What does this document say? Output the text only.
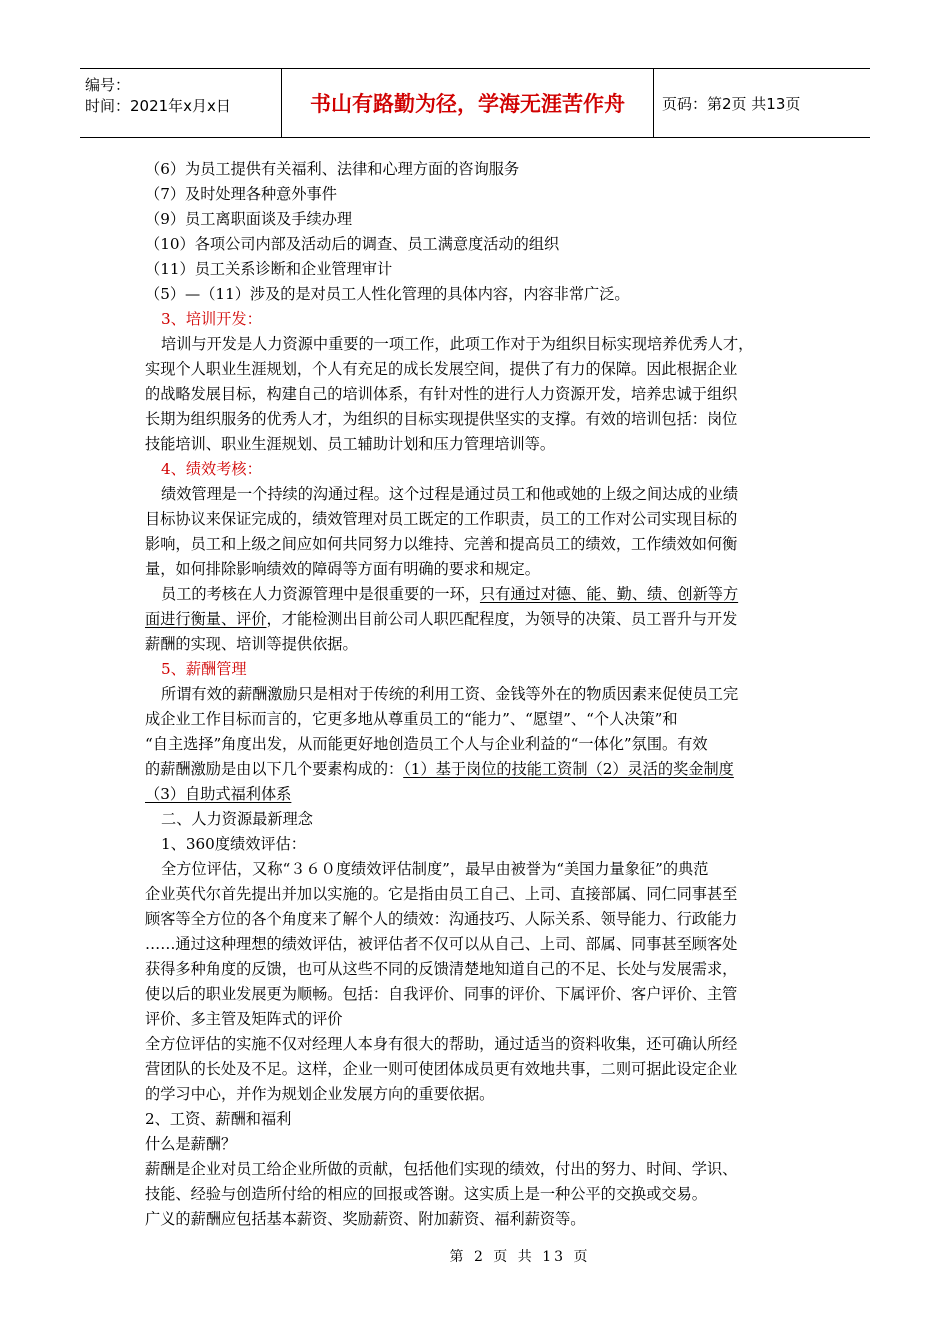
编号：
时间：2021年x月x日	书山有路勤为径，学海无涯苦作舟	页码：第2页 共13页
（6）为员工提供有关福利、法律和心理方面的咨询服务
（7）及时处理各种意外事件
（9）员工离职面谈及手续办理
（10）各项公司内部及活动后的调查、员工满意度活动的组织
（11）员工关系诊断和企业管理审计
（5）—（11）涉及的是对员工人性化管理的具体内容，内容非常广泛。
3、培训开发：
培训与开发是人力资源中重要的一项工作，此项工作对于为组织目标实现培养优秀人才，
实现个人职业生涯规划，个人有充足的成长发展空间，提供了有力的保障。因此根据企业
的战略发展目标，构建自己的培训体系，有针对性的进行人力资源开发，培养忠诚于组织
长期为组织服务的优秀人才，为组织的目标实现提供坚实的支撑。有效的培训包括：岗位
技能培训、职业生涯规划、员工辅助计划和压力管理培训等。
4、绩效考核：
绩效管理是一个持续的沟通过程。这个过程是通过员工和他或她的上级之间达成的业绩
目标协议来保证完成的，绩效管理对员工既定的工作职责，员工的工作对公司实现目标的
影响，员工和上级之间应如何共同努力以维持、完善和提高员工的绩效，工作绩效如何衡
量，如何排除影响绩效的障碍等方面有明确的要求和规定。
员工的考核在人力资源管理中是很重要的一环，只有通过对德、能、勤、绩、创新等方
面进行衡量、评价，才能检测出目前公司人职匹配程度，为领导的决策、员工晋升与开发
薪酬的实现、培训等提供依据。
5、薪酬管理
所谓有效的薪酬激励只是相对于传统的利用工资、金钱等外在的物质因素来促使员工完
成企业工作目标而言的，它更多地从尊重员工的“能力”、“愿望”、“个人决策”和
“自主选择”角度出发，从而能更好地创造员工个人与企业利益的“一体化”氛围。有效
的薪酬激励是由以下几个要素构成的：（1）基于岗位的技能工资制（2）灵活的奖金制度
（3）自助式福利体系
二、人力资源最新理念
1、360度绩效评估：
全方位评估，又称“３６０度绩效评估制度”，最早由被誉为“美国力量象征”的典范
企业英代尔首先提出并加以实施的。它是指由员工自己、上司、直接部属、同仁同事甚至
顾客等全方位的各个角度来了解个人的绩效：沟通技巧、人际关系、领导能力、行政能力
……通过这种理想的绩效评估，被评估者不仅可以从自己、上司、部属、同事甚至顾客处
获得多种角度的反馈，也可从这些不同的反馈清楚地知道自己的不足、长处与发展需求，
使以后的职业发展更为顺畅。包括：自我评价、同事的评价、下属评价、客户评价、主管
评价、多主管及矩阵式的评价
全方位评估的实施不仅对经理人本身有很大的帮助，通过适当的资料收集，还可确认所经
营团队的长处及不足。这样，企业一则可使团体成员更有效地共事，二则可据此设定企业
的学习中心，并作为规划企业发展方向的重要依据。
2、工资、薪酬和福利
什么是薪酬？
薪酬是企业对员工给企业所做的贡献，包括他们实现的绩效，付出的努力、时间、学识、
技能、经验与创造所付给的相应的回报或答谢。这实质上是一种公平的交换或交易。
广义的薪酬应包括基本薪资、奖励薪资、附加薪资、福利薪资等。
第 2 页 共 13 页
